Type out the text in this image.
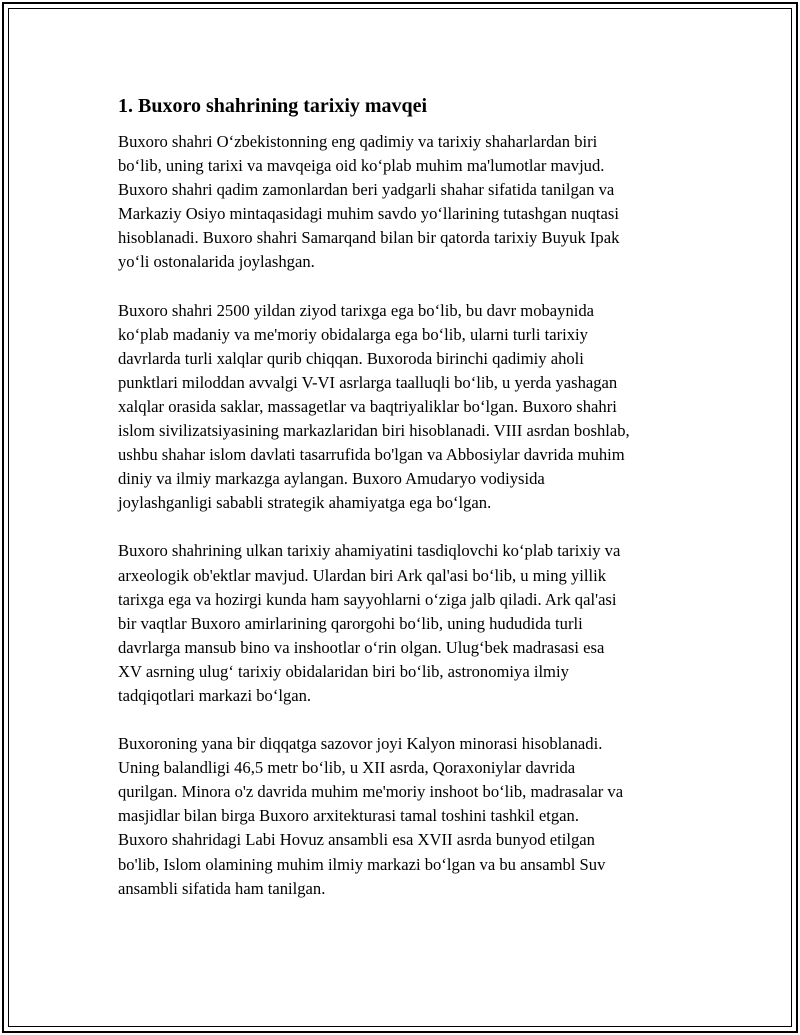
1. Buxoro shahrining tarixiy mavqei

Buxoro shahri O‘zbekistonning eng qadimiy va tarixiy shaharlardan biri
bo‘lib, uning tarixi va mavqeiga oid ko‘plab muhim ma'lumotlar mavjud.
Buxoro shahri qadim zamonlardan beri yadgarli shahar sifatida tanilgan va
Markaziy Osiyo mintaqasidagi muhim savdo yo‘llarining tutashgan nuqtasi
hisoblanadi. Buxoro shahri Samarqand bilan bir qatorda tarixiy Buyuk Ipak
yo‘li ostonalarida joylashgan.

Buxoro shahri 2500 yildan ziyod tarixga ega bo‘lib, bu davr mobaynida
ko‘plab madaniy va me'moriy obidalarga ega bo‘lib, ularni turli tarixiy
davrlarda turli xalqlar qurib chiqqan. Buxoroda birinchi qadimiy aholi
punktlari miloddan avvalgi V-VI asrlarga taalluqli bo‘lib, u yerda yashagan
xalqlar orasida saklar, massagetlar va baqtriyaliklar bo‘lgan. Buxoro shahri
islom sivilizatsiyasining markazlaridan biri hisoblanadi. VIII asrdan boshlab,
ushbu shahar islom davlati tasarrufida bo'lgan va Abbosiylar davrida muhim
diniy va ilmiy markazga aylangan. Buxoro Amudaryo vodiysida
joylashganligi sababli strategik ahamiyatga ega bo‘lgan.

Buxoro shahrining ulkan tarixiy ahamiyatini tasdiqlovchi ko‘plab tarixiy va
arxeologik ob'ektlar mavjud. Ulardan biri Ark qal'asi bo‘lib, u ming yillik
tarixga ega va hozirgi kunda ham sayyohlarni o‘ziga jalb qiladi. Ark qal'asi
bir vaqtlar Buxoro amirlarining qarorgohi bo‘lib, uning hududida turli
davrlarga mansub bino va inshootlar o‘rin olgan. Ulug‘bek madrasasi esa
XV asrning ulug‘ tarixiy obidalaridan biri bo‘lib, astronomiya ilmiy
tadqiqotlari markazi bo‘lgan.

Buxoroning yana bir diqqatga sazovor joyi Kalyon minorasi hisoblanadi.
Uning balandligi 46,5 metr bo‘lib, u XII asrda, Qoraxoniylar davrida
qurilgan. Minora o'z davrida muhim me'moriy inshoot bo‘lib, madrasalar va
masjidlar bilan birga Buxoro arxitekturasi tamal toshini tashkil etgan.
Buxoro shahridagi Labi Hovuz ansambli esa XVII asrda bunyod etilgan
bo'lib, Islom olamining muhim ilmiy markazi bo‘lgan va bu ansambl Suv
ansambli sifatida ham tanilgan.
